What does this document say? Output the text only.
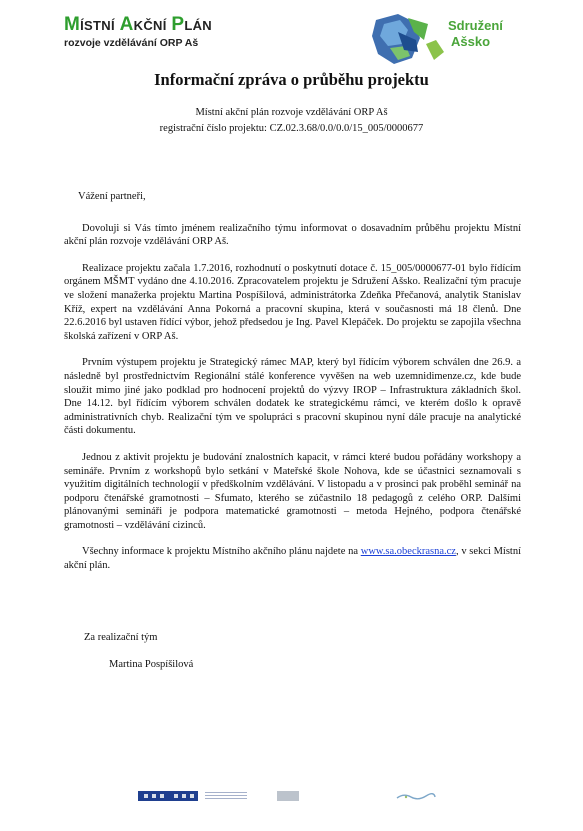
MÍSTNÍ AKČNÍ PLÁN
rozvoje vzdělávání ORP Aš
Sdružení
Ašsko
Informační zpráva o průběhu projektu
Místní akční plán rozvoje vzdělávání ORP Aš
registrační číslo projektu: CZ.02.3.68/0.0/0.0/15_005/0000677

Vážení partneři,

Dovoluji si Vás tímto jménem realizačního týmu informovat o dosavadním průběhu projektu Místní akční plán rozvoje vzdělávání ORP Aš.

Realizace projektu začala 1.7.2016, rozhodnutí o poskytnutí dotace č. 15_005/0000677-01 bylo řídícím orgánem MŠMT vydáno dne 4.10.2016. Zpracovatelem projektu je Sdružení Ašsko. Realizační tým pracuje ve složení manažerka projektu Martina Pospíšilová, administrátorka Zdeňka Přečanová, analytik Stanislav Kříž, expert na vzdělávání Anna Pokorná a pracovní skupina, která v současnosti má 18 členů. Dne 22.6.2016 byl ustaven řídící výbor, jehož předsedou je Ing. Pavel Klepáček. Do projektu se zapojila všechna školská zařízení v ORP Aš.

Prvním výstupem projektu je Strategický rámec MAP, který byl řídícím výborem schválen dne 26.9. a následně byl prostřednictvím Regionální stálé konference vyvěšen na web uzemnidimenze.cz, kde bude sloužit mimo jiné jako podklad pro hodnocení projektů do výzvy IROP – Infrastruktura základních škol. Dne 14.12. byl řídícím výborem schválen dodatek ke strategickému rámci, ve kterém došlo k opravě administrativních chyb. Realizační tým ve spolupráci s pracovní skupinou nyní dále pracuje na analytické části dokumentu.

Jednou z aktivit projektu je budování znalostních kapacit, v rámci které budou pořádány workshopy a semináře. Prvním z workshopů bylo setkání v Mateřské škole Nohova, kde se účastnici seznamovali s využitím digitálních technologií v předškolním vzdělávání. V listopadu a v prosinci pak proběhl seminář na podporu čtenářské gramotnosti – Sfumato, kterého se zúčastnilo 18 pedagogů z celého ORP. Dalšími plánovanými semináři je podpora matematické gramotnosti – metoda Hejného, podpora čtenářské gramotnosti – vzdělávání cizinců.

Všechny informace k projektu Místního akčního plánu najdete na www.sa.obeckrasna.cz, v sekci Místní akční plán.

Za realizační tým
Martina Pospíšilová
